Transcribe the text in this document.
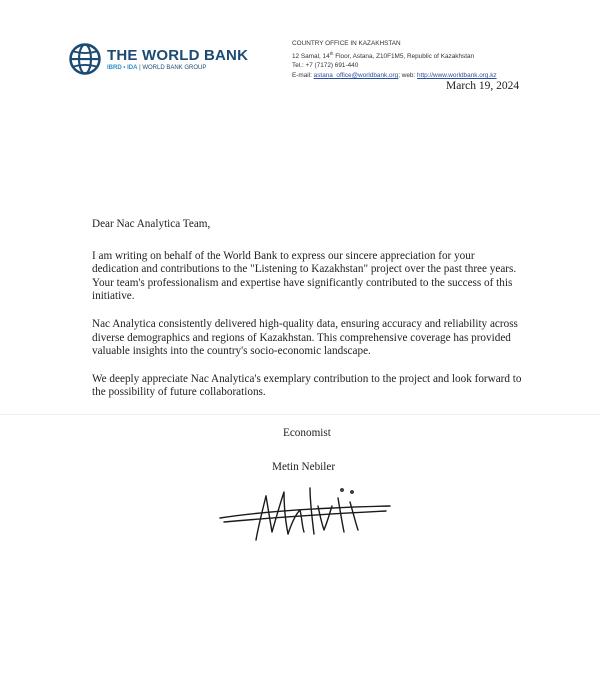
THE WORLD BANK
IBRD • IDA | WORLD BANK GROUP
COUNTRY OFFICE IN KAZAKHSTAN
12 Samal, 14th Floor, Astana, Z10F1M5, Republic of Kazakhstan
Tel.: +7 (7172) 691-440
E-mail: astana_office@worldbank.org; web: http://www.worldbank.org.kz
March 19, 2024

Dear Nac Analytica Team,

I am writing on behalf of the World Bank to express our sincere appreciation for your dedication and contributions to the "Listening to Kazakhstan" project over the past three years. Your team's professionalism and expertise have significantly contributed to the success of this initiative.

Nac Analytica consistently delivered high-quality data, ensuring accuracy and reliability across diverse demographics and regions of Kazakhstan. This comprehensive coverage has provided valuable insights into the country's socio-economic landscape.

We deeply appreciate Nac Analytica's exemplary contribution to the project and look forward to the possibility of future collaborations.

Economist
Metin Nebiler
